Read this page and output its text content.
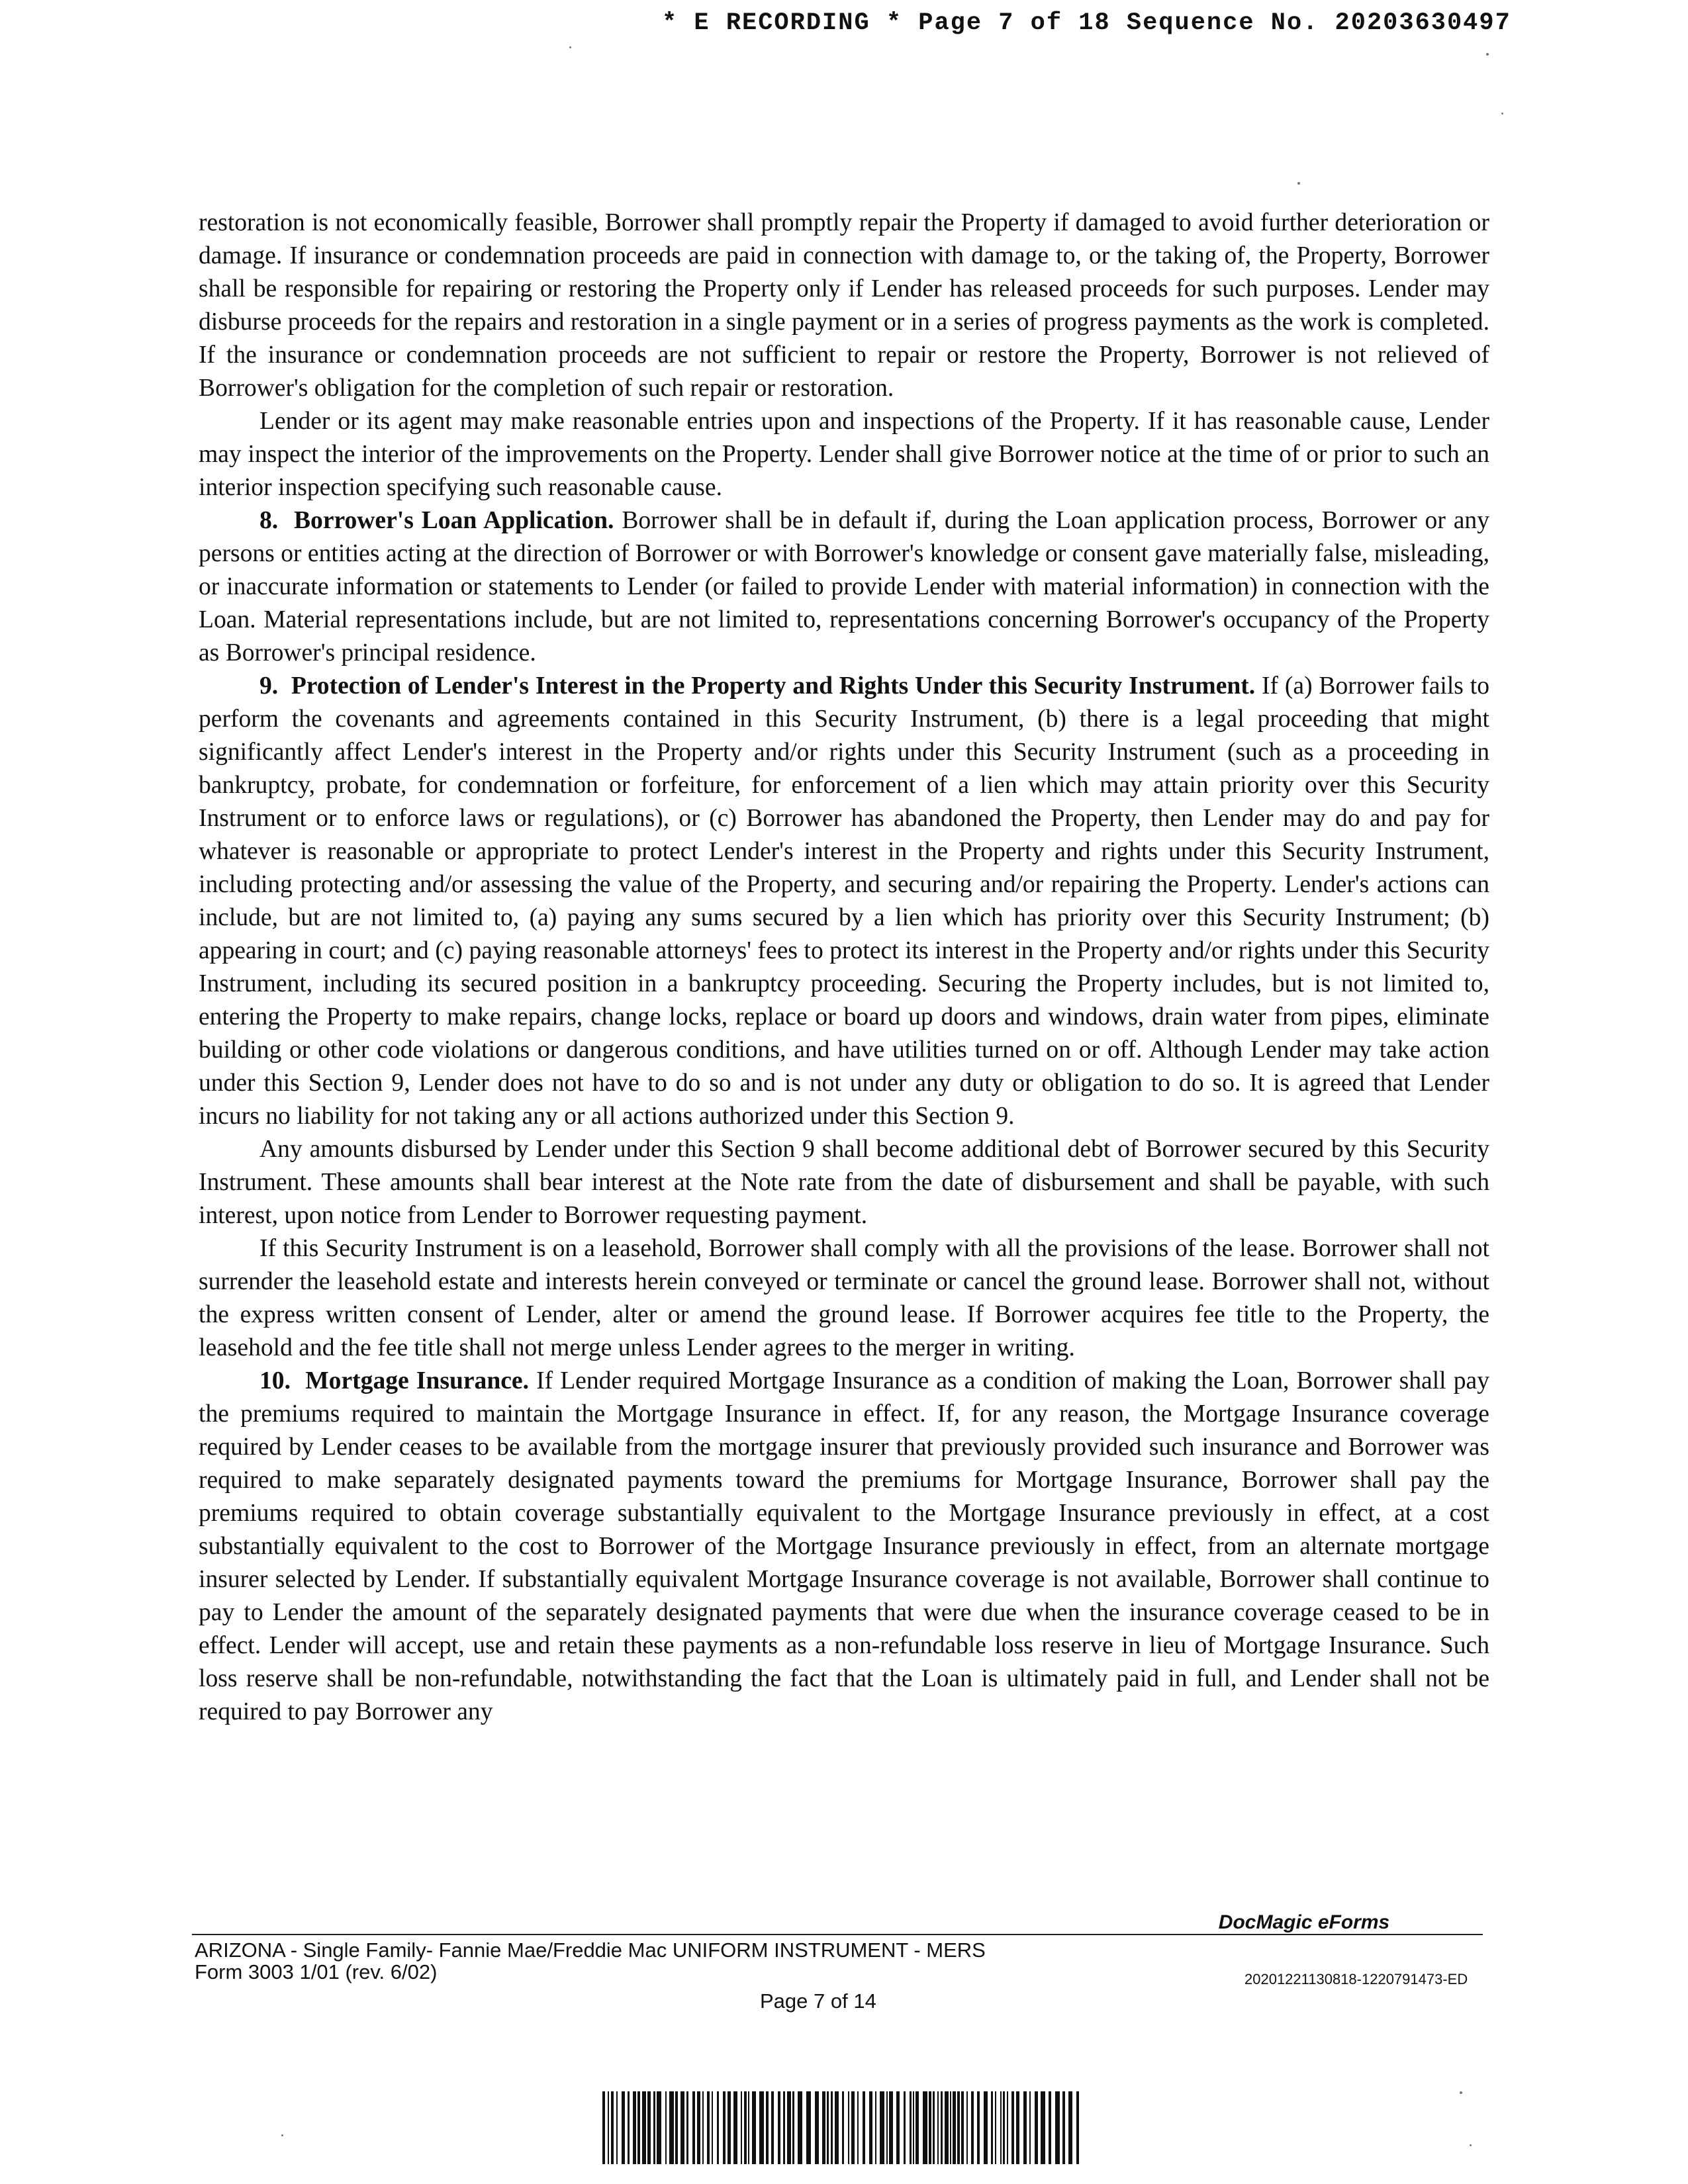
* E RECORDING * Page 7 of 18 Sequence No. 20203630497

restoration is not economically feasible, Borrower shall promptly repair the Property if damaged to avoid further deterioration or damage. If insurance or condemnation proceeds are paid in connection with damage to, or the taking of, the Property, Borrower shall be responsible for repairing or restoring the Property only if Lender has released proceeds for such purposes. Lender may disburse proceeds for the repairs and restoration in a single payment or in a series of progress payments as the work is completed. If the insurance or condemnation proceeds are not sufficient to repair or restore the Property, Borrower is not relieved of Borrower's obligation for the completion of such repair or restoration.

Lender or its agent may make reasonable entries upon and inspections of the Property. If it has reasonable cause, Lender may inspect the interior of the improvements on the Property. Lender shall give Borrower notice at the time of or prior to such an interior inspection specifying such reasonable cause.

8. Borrower's Loan Application. Borrower shall be in default if, during the Loan application process, Borrower or any persons or entities acting at the direction of Borrower or with Borrower's knowledge or consent gave materially false, misleading, or inaccurate information or statements to Lender (or failed to provide Lender with material information) in connection with the Loan. Material representations include, but are not limited to, representations concerning Borrower's occupancy of the Property as Borrower's principal residence.

9. Protection of Lender's Interest in the Property and Rights Under this Security Instrument. If (a) Borrower fails to perform the covenants and agreements contained in this Security Instrument, (b) there is a legal proceeding that might significantly affect Lender's interest in the Property and/or rights under this Security Instrument (such as a proceeding in bankruptcy, probate, for condemnation or forfeiture, for enforcement of a lien which may attain priority over this Security Instrument or to enforce laws or regulations), or (c) Borrower has abandoned the Property, then Lender may do and pay for whatever is reasonable or appropriate to protect Lender's interest in the Property and rights under this Security Instrument, including protecting and/or assessing the value of the Property, and securing and/or repairing the Property. Lender's actions can include, but are not limited to, (a) paying any sums secured by a lien which has priority over this Security Instrument; (b) appearing in court; and (c) paying reasonable attorneys' fees to protect its interest in the Property and/or rights under this Security Instrument, including its secured position in a bankruptcy proceeding. Securing the Property includes, but is not limited to, entering the Property to make repairs, change locks, replace or board up doors and windows, drain water from pipes, eliminate building or other code violations or dangerous conditions, and have utilities turned on or off. Although Lender may take action under this Section 9, Lender does not have to do so and is not under any duty or obligation to do so. It is agreed that Lender incurs no liability for not taking any or all actions authorized under this Section 9.

Any amounts disbursed by Lender under this Section 9 shall become additional debt of Borrower secured by this Security Instrument. These amounts shall bear interest at the Note rate from the date of disbursement and shall be payable, with such interest, upon notice from Lender to Borrower requesting payment.

If this Security Instrument is on a leasehold, Borrower shall comply with all the provisions of the lease. Borrower shall not surrender the leasehold estate and interests herein conveyed or terminate or cancel the ground lease. Borrower shall not, without the express written consent of Lender, alter or amend the ground lease. If Borrower acquires fee title to the Property, the leasehold and the fee title shall not merge unless Lender agrees to the merger in writing.

10. Mortgage Insurance. If Lender required Mortgage Insurance as a condition of making the Loan, Borrower shall pay the premiums required to maintain the Mortgage Insurance in effect. If, for any reason, the Mortgage Insurance coverage required by Lender ceases to be available from the mortgage insurer that previously provided such insurance and Borrower was required to make separately designated payments toward the premiums for Mortgage Insurance, Borrower shall pay the premiums required to obtain coverage substantially equivalent to the Mortgage Insurance previously in effect, at a cost substantially equivalent to the cost to Borrower of the Mortgage Insurance previously in effect, from an alternate mortgage insurer selected by Lender. If substantially equivalent Mortgage Insurance coverage is not available, Borrower shall continue to pay to Lender the amount of the separately designated payments that were due when the insurance coverage ceased to be in effect. Lender will accept, use and retain these payments as a non-refundable loss reserve in lieu of Mortgage Insurance. Such loss reserve shall be non-refundable, notwithstanding the fact that the Loan is ultimately paid in full, and Lender shall not be required to pay Borrower any

DocMagic eForms
ARIZONA - Single Family- Fannie Mae/Freddie Mac UNIFORM INSTRUMENT - MERS
Form 3003 1/01 (rev. 6/02)	20201221130818-1220791473-ED
Page 7 of 14
